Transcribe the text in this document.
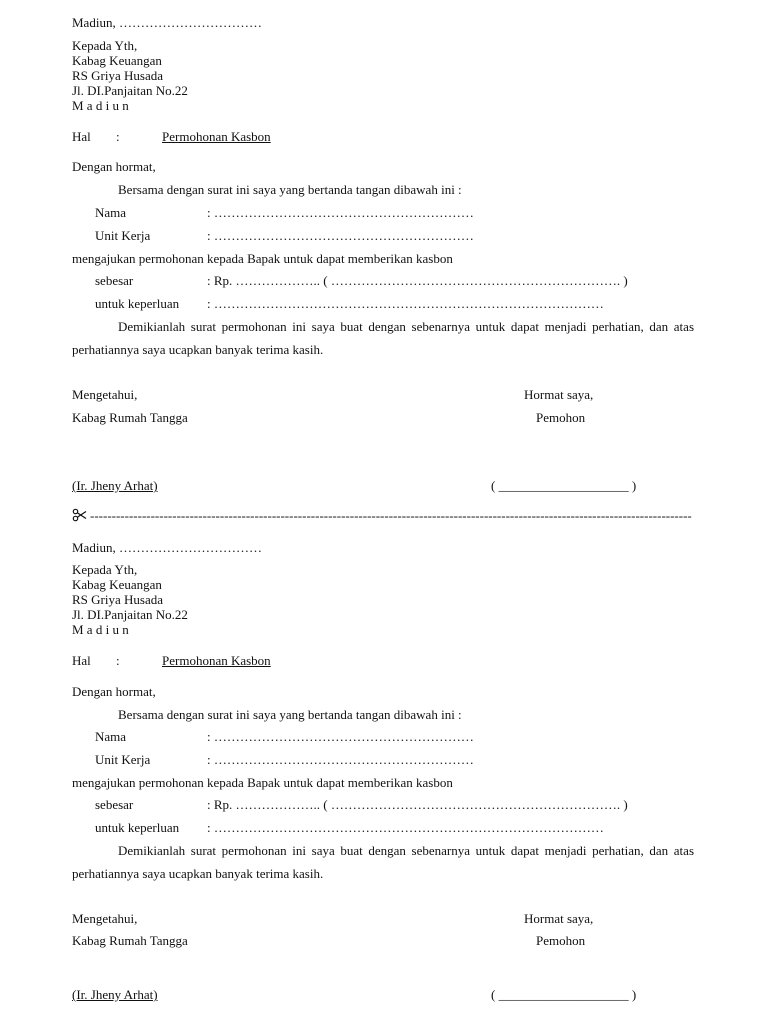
Madiun, ……………………………
Kepada Yth,
Kabag Keuangan
RS Griya Husada
Jl. DI.Panjaitan No.22
M a d i u n
Hal :	Permohonan Kasbon
Dengan hormat,
Bersama dengan surat ini saya yang bertanda tangan dibawah ini :
Nama	: ……………………………………………………
Unit Kerja	: ……………………………………………………
mengajukan permohonan kepada Bapak untuk dapat memberikan kasbon
sebesar	: Rp. ……………….. ( …………………………………………………………. )
untuk keperluan : ………………………………………………………………………………
Demikianlah surat permohonan ini saya buat dengan sebenarnya untuk dapat menjadi perhatian, dan atas perhatiannya saya ucapkan banyak terima kasih.
Mengetahui,
Kabag Rumah Tangga
(Ir. Jheny Arhat)
Hormat saya,
Pemohon
( ____________________ )
-------------------------------------------------------------------------------------------------------------------------------------------
Madiun, ……………………………
Kepada Yth,
Kabag Keuangan
RS Griya Husada
Jl. DI.Panjaitan No.22
M a d i u n
Hal :	Permohonan Kasbon
Dengan hormat,
Bersama dengan surat ini saya yang bertanda tangan dibawah ini :
Nama	: ……………………………………………………
Unit Kerja	: ……………………………………………………
mengajukan permohonan kepada Bapak untuk dapat memberikan kasbon
sebesar	: Rp. ……………….. ( …………………………………………………………. )
untuk keperluan : ………………………………………………………………………………
Demikianlah surat permohonan ini saya buat dengan sebenarnya untuk dapat menjadi perhatian, dan atas perhatiannya saya ucapkan banyak terima kasih.
Mengetahui,
Kabag Rumah Tangga
(Ir. Jheny Arhat)
Hormat saya,
Pemohon
( ____________________ )
